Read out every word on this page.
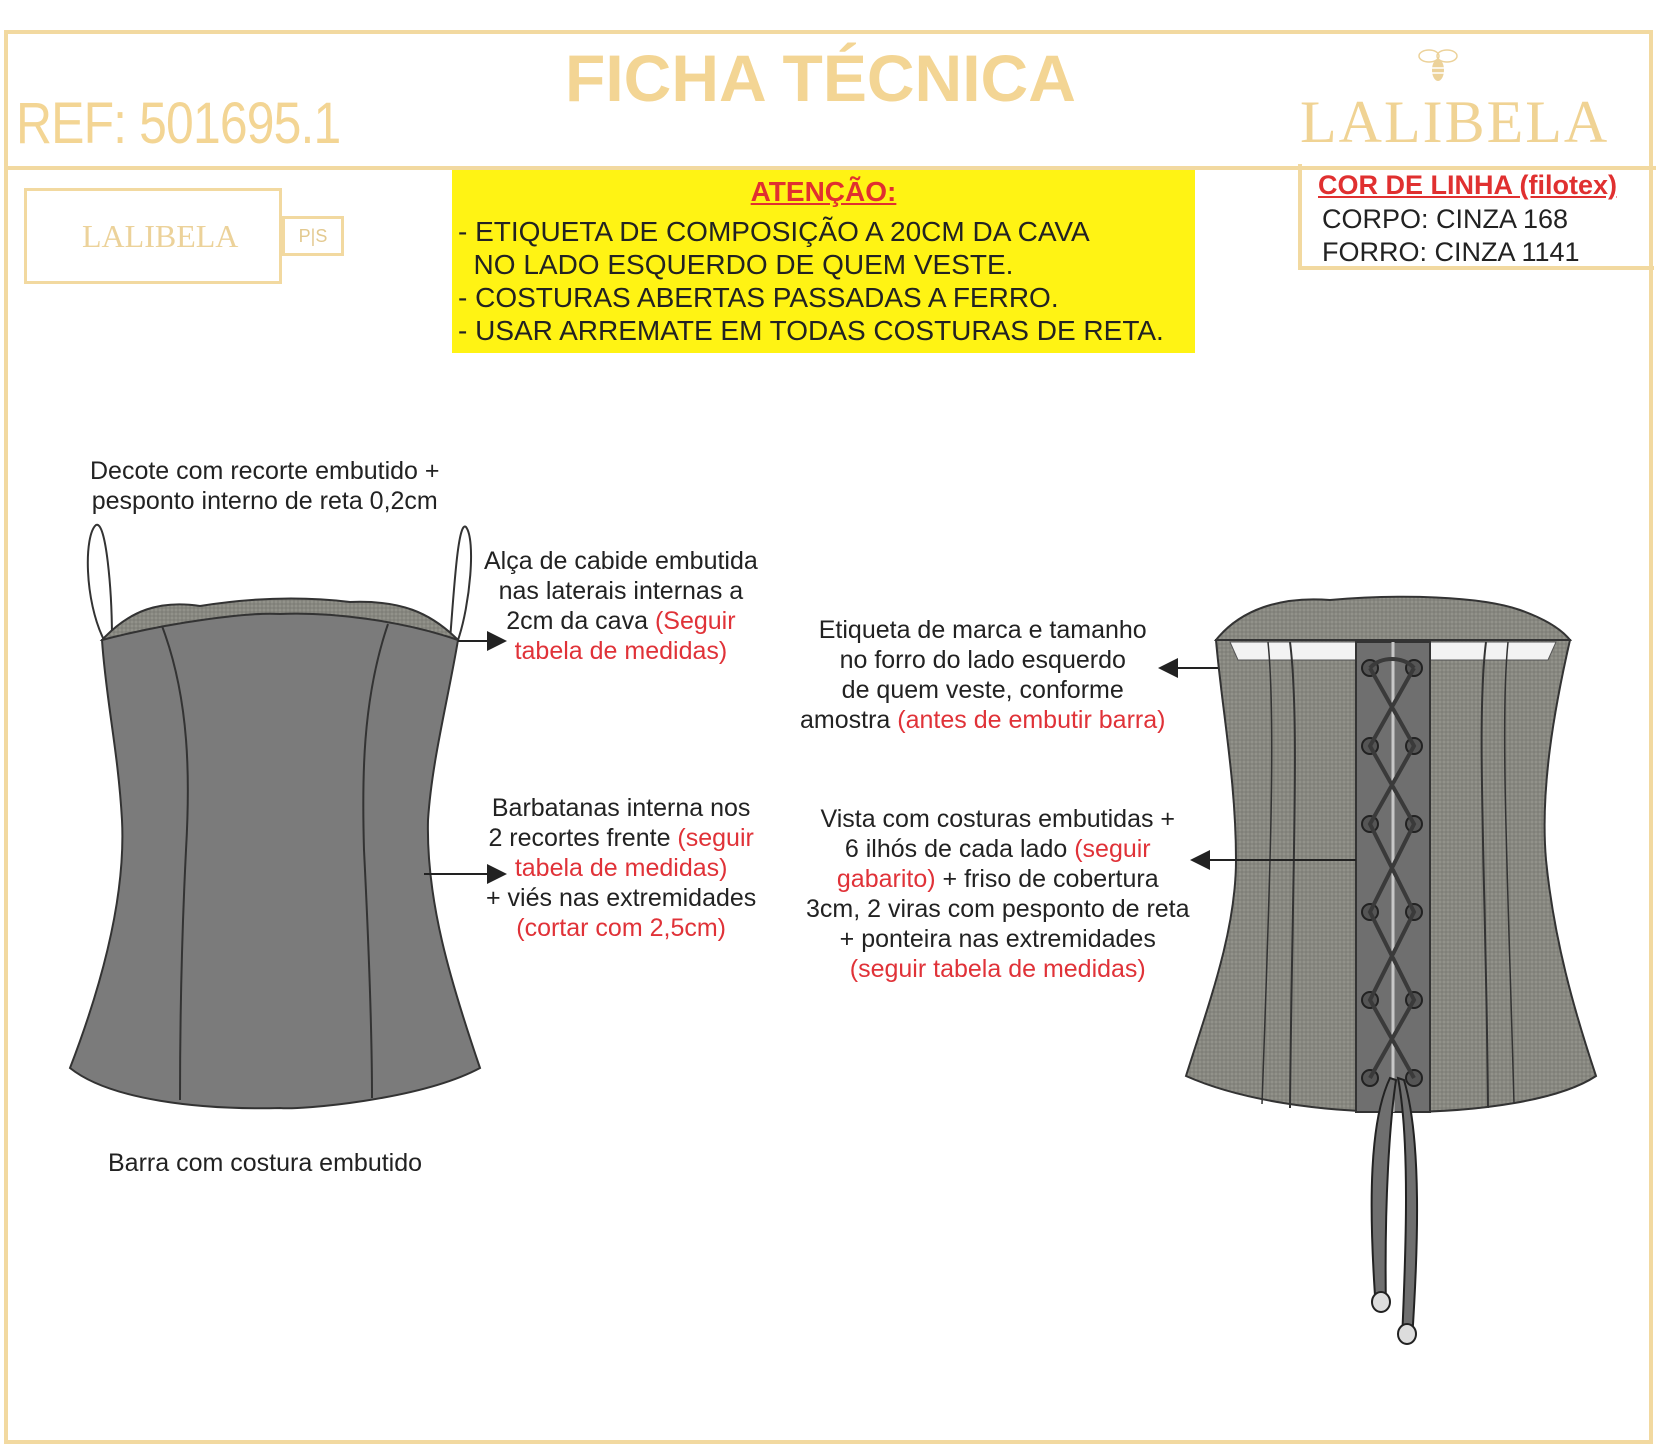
REF: 501695.1
FICHA TÉCNICA
LALIBELA
LALIBELA	P|S
ATENÇÃO:
- ETIQUETA DE COMPOSIÇÃO A 20CM DA CAVA
NO LADO ESQUERDO DE QUEM VESTE.
- COSTURAS ABERTAS PASSADAS A FERRO.
- USAR ARREMATE EM TODAS COSTURAS DE RETA.
COR DE LINHA (filotex)
CORPO: CINZA 168
FORRO: CINZA 1141
Decote com recorte embutido +
pesponto interno de reta 0,2cm
Alça de cabide embutida
nas laterais internas a
2cm da cava (Seguir
tabela de medidas)
Barbatanas interna nos
2 recortes frente (seguir
tabela de medidas)
+ viés nas extremidades
(cortar com 2,5cm)
Barra com costura embutido
Etiqueta de marca e tamanho
no forro do lado esquerdo
de quem veste, conforme
amostra (antes de embutir barra)
Vista com costuras embutidas +
6 ilhós de cada lado (seguir
gabarito) + friso de cobertura
3cm, 2 viras com pesponto de reta
+ ponteira nas extremidades
(seguir tabela de medidas)
